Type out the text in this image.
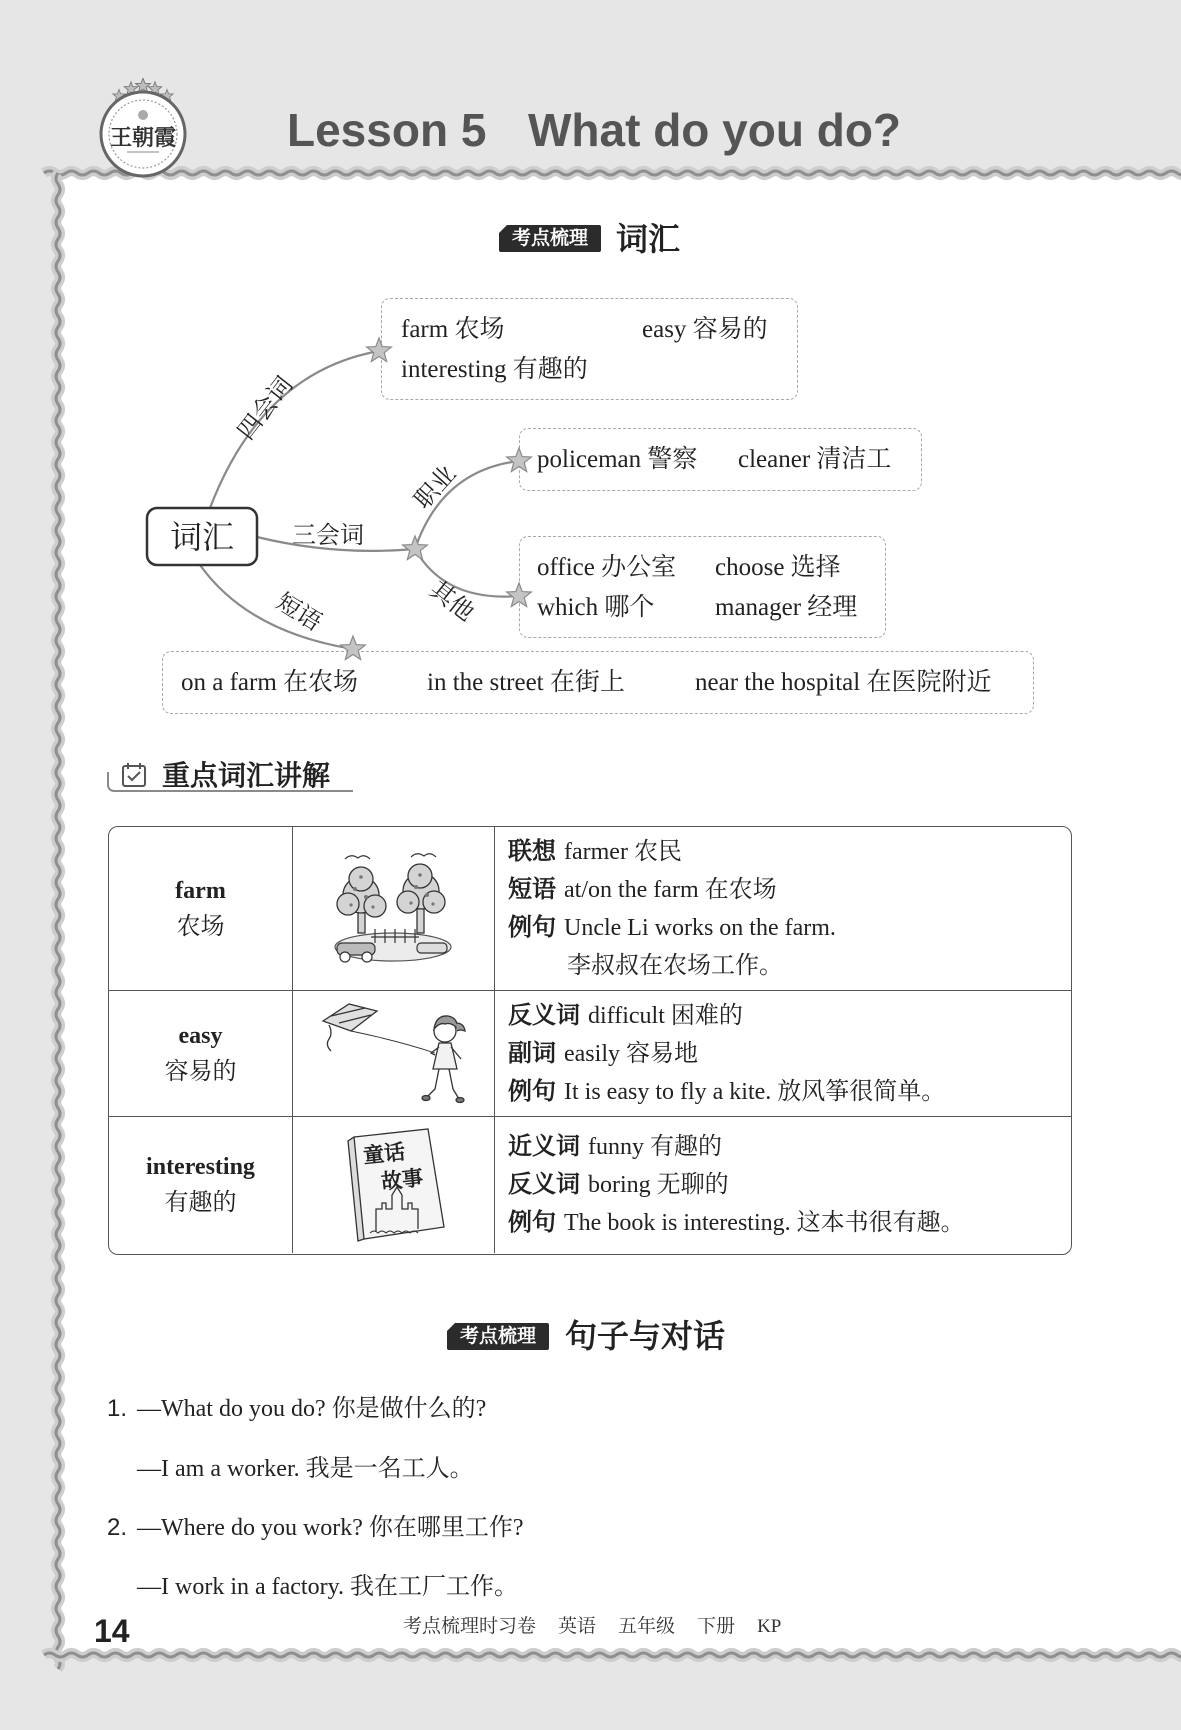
王朝霞 Lesson 5 What do you do?
考点梳理 词汇
farm 农场	easy 容易的
interesting 有趣的
policeman 警察 cleaner 清洁工
office 办公室 choose 选择
which 哪个 manager 经理
on a farm 在农场	in the street 在街上	near the hospital 在医院附近
词汇
四会词
三会词
短语
职业
其他
重点词汇讲解
farm
农场
联想 farmer 农民
短语 at/on the farm 在农场
例句 Uncle Li works on the farm.
李叔叔在农场工作。
easy
容易的
反义词 difficult 困难的
副词 easily 容易地
例句 It is easy to fly a kite. 放风筝很简单。
interesting
有趣的
童话
故事
近义词 funny 有趣的
反义词 boring 无聊的
例句 The book is interesting. 这本书很有趣。
考点梳理 句子与对话
1. —What do you do? 你是做什么的?
—I am a worker. 我是一名工人。
2. —Where do you work? 你在哪里工作?
—I work in a factory. 我在工厂工作。
14	考点梳理时习卷 英语 五年级 下册 KP
